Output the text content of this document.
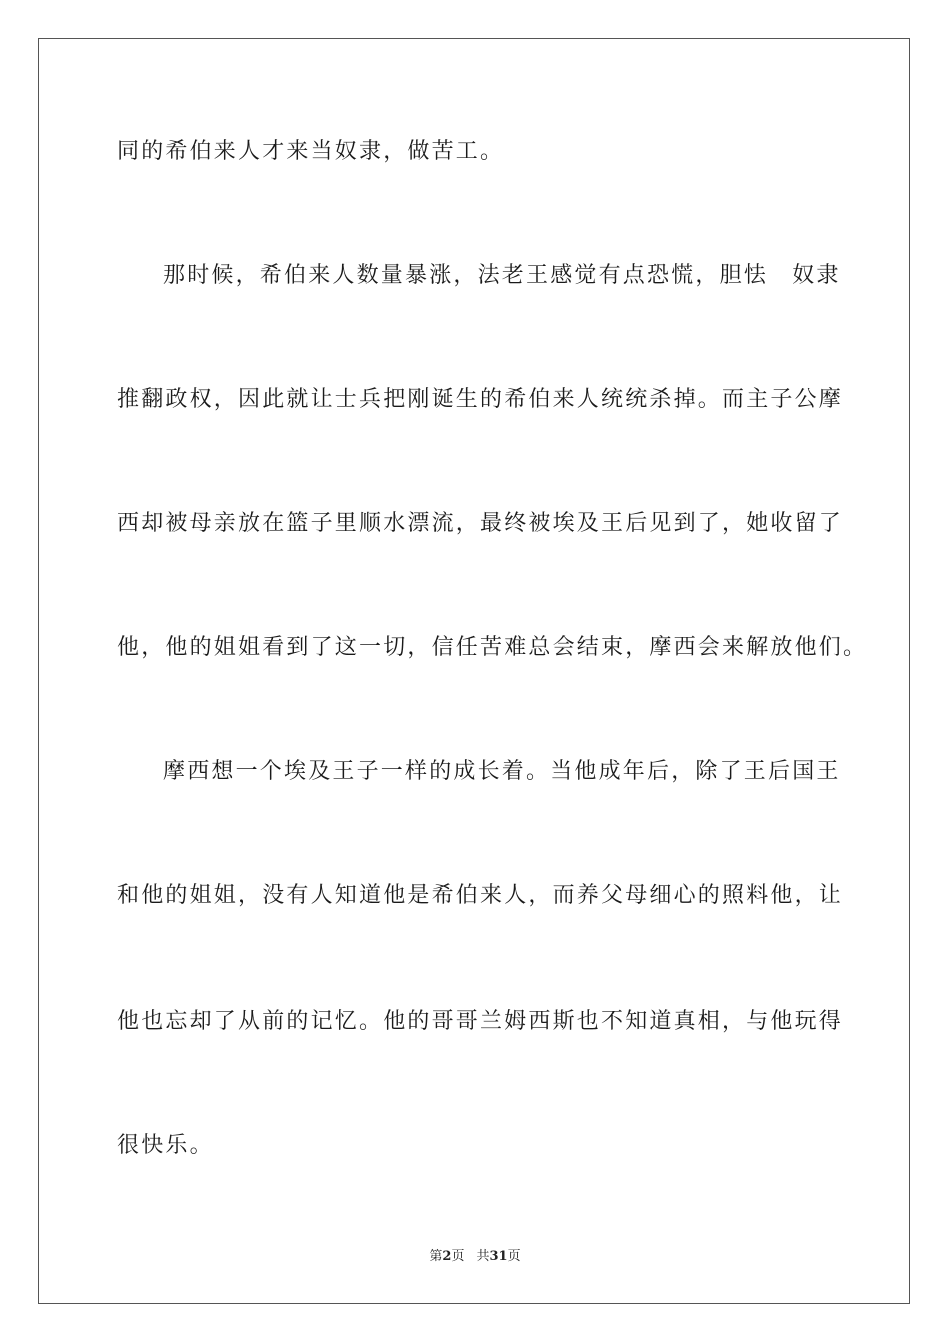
同的希伯来人才来当奴隶，做苦工。
那时候，希伯来人数量暴涨，法老王感觉有点恐慌，胆怯　奴隶
推翻政权，因此就让士兵把刚诞生的希伯来人统统杀掉。而主子公摩
西却被母亲放在篮子里顺水漂流，最终被埃及王后见到了，她收留了
他，他的姐姐看到了这一切，信任苦难总会结束，摩西会来解放他们。
摩西想一个埃及王子一样的成长着。当他成年后，除了王后国王
和他的姐姐，没有人知道他是希伯来人，而养父母细心的照料他，让
他也忘却了从前的记忆。他的哥哥兰姆西斯也不知道真相，与他玩得
很快乐。
第2页 共31页
